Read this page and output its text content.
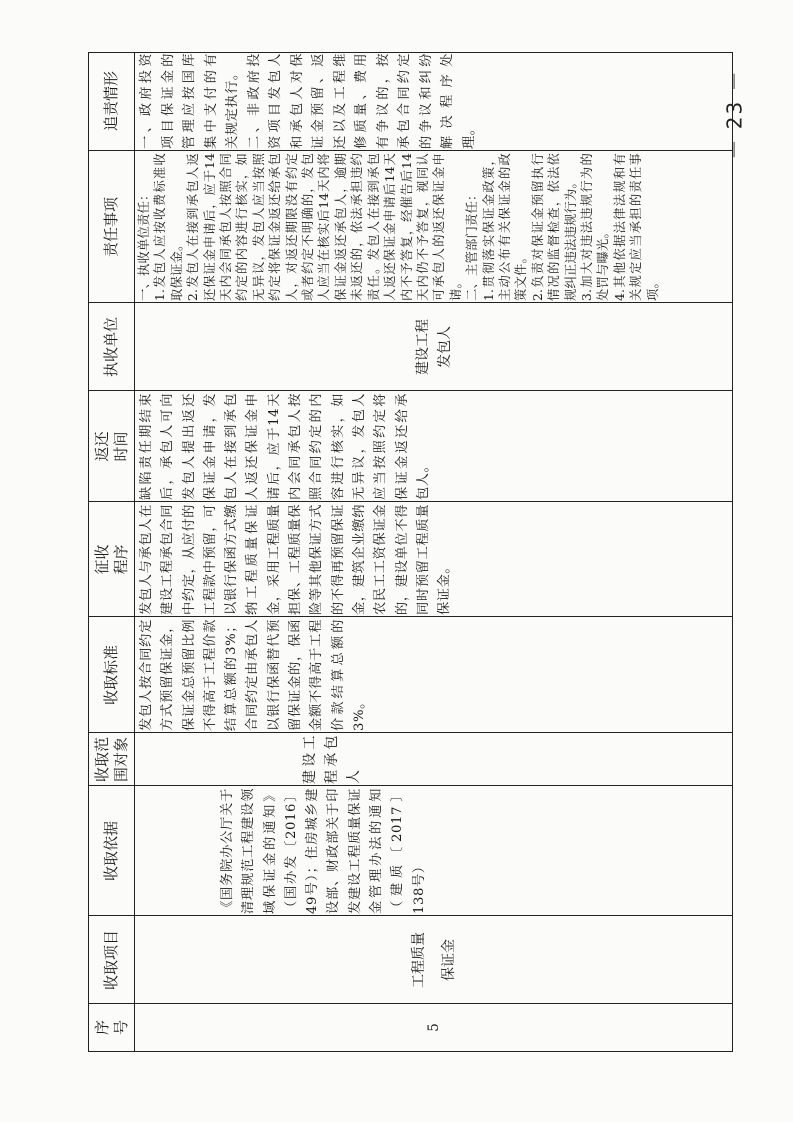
序
号
收取项目
收取依据
收取范
围对象
收取标准
征收
程序
返还
时间
执收单位
责任事项
追责情形
5
工程质量
保证金
《国务院办公厅关于清理规范工程建设领域保证金的通知》（国办发〔2016〕49号）；住房城乡建设部、财政部关于印发建设工程质量保证金管理办法的通知（建质〔2017〕138号）
建设工程承包人
发包人按合同约定方式预留保证金，保证金总预留比例不得高于工程价款结算总额的3%；合同约定由承包人以银行保函替代预留保证金的，保函金额不得高于工程价款结算总额的3%。
发包人与承包人在建设工程承包合同中约定，从应付的工程款中预留，可以银行保函方式缴纳工程质量保证金，采用工程质量担保、工程质量保险等其他保证方式的不得再预留保证金，建筑企业缴纳农民工工资保证金的，建设单位不得同时预留工程质量保证金。
缺陷责任期结束后，承包人可向发包人提出返还保证金申请，发包人在接到承包人返还保证金申请后，应于14天内会同承包人按照合同约定的内容进行核实，如无异议，发包人应当按照约定将保证金返还给承包人。
建设工程
发包人
一、执收单位责任：
1.发包人应按收费标准收取保证金。
2.发包人在接到承包人返还保证金申请后，应于14天内会同承包人按照合同约定的内容进行核实，如无异议，发包人应当按照约定将保证金返还给承包人，对返还期限没有约定或者约定不明确的，发包人应当在核实后14天内将保证金返还承包人，逾期未返还的，依法承担违约责任。发包人在接到承包人返还保证金申请后14天内不予答复，经催告后14天内仍不予答复，视同认可承包人的返还保证金申请。
二、主管部门责任：
1.贯彻落实保证金政策，主动公布有关保证金的政策文件。
2.负责对保证金预留执行情况的监督检查，依法依规纠正违法违规行为。
3.加大对违法违规行为的处罚与曝光。
4.其他依据法律法规和有关规定应当承担的责任事项。
一、政府投资项目保证金的管理应按国库集中支付的有关规定执行。
二、非政府投资项目发包人和承包人对保证金预留、返还以及工程维修质量、费用有争议的，按承包合同约定的争议和纠纷解决程序处理。	－ 23 －
